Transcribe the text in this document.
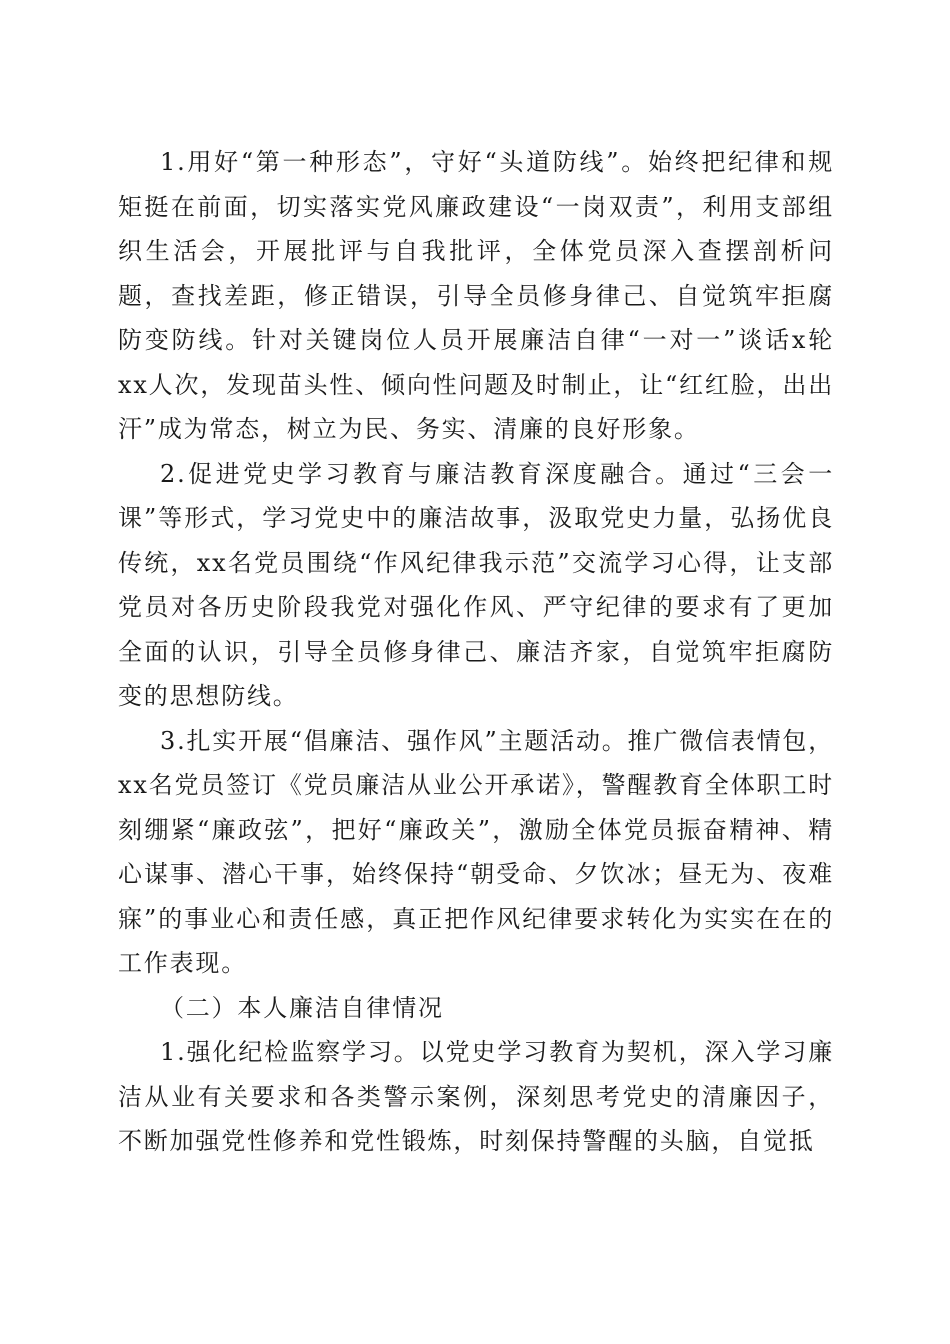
1.用好“第一种形态”，守好“头道防线”。始终把纪律和规矩挺在前面，切实落实党风廉政建设“一岗双责”，利用支部组织生活会，开展批评与自我批评，全体党员深入查摆剖析问题，查找差距，修正错误，引导全员修身律己、自觉筑牢拒腐防变防线。针对关键岗位人员开展廉洁自律“一对一”谈话x轮xx人次，发现苗头性、倾向性问题及时制止，让“红红脸，出出汗”成为常态，树立为民、务实、清廉的良好形象。

2.促进党史学习教育与廉洁教育深度融合。通过“三会一课”等形式，学习党史中的廉洁故事，汲取党史力量，弘扬优良传统，xx名党员围绕“作风纪律我示范”交流学习心得，让支部党员对各历史阶段我党对强化作风、严守纪律的要求有了更加全面的认识，引导全员修身律己、廉洁齐家，自觉筑牢拒腐防变的思想防线。

3.扎实开展“倡廉洁、强作风”主题活动。推广微信表情包，xx名党员签订《党员廉洁从业公开承诺》，警醒教育全体职工时刻绷紧“廉政弦”，把好“廉政关”，激励全体党员振奋精神、精心谋事、潜心干事，始终保持“朝受命、夕饮冰；昼无为、夜难寐”的事业心和责任感，真正把作风纪律要求转化为实实在在的工作表现。

（二）本人廉洁自律情况

1.强化纪检监察学习。以党史学习教育为契机，深入学习廉洁从业有关要求和各类警示案例，深刻思考党史的清廉因子，不断加强党性修养和党性锻炼，时刻保持警醒的头脑，自觉抵
